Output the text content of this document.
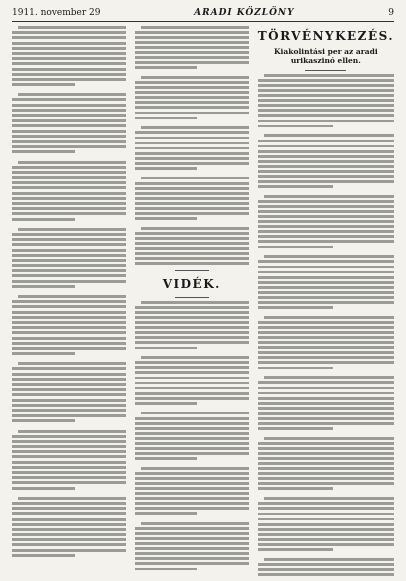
1911. november 29	ARADI KÖZLÖNY	9
VIDÉK.
TÖRVÉNYKEZÉS.
Kiakolintási per az aradi urikaszinó ellen.
